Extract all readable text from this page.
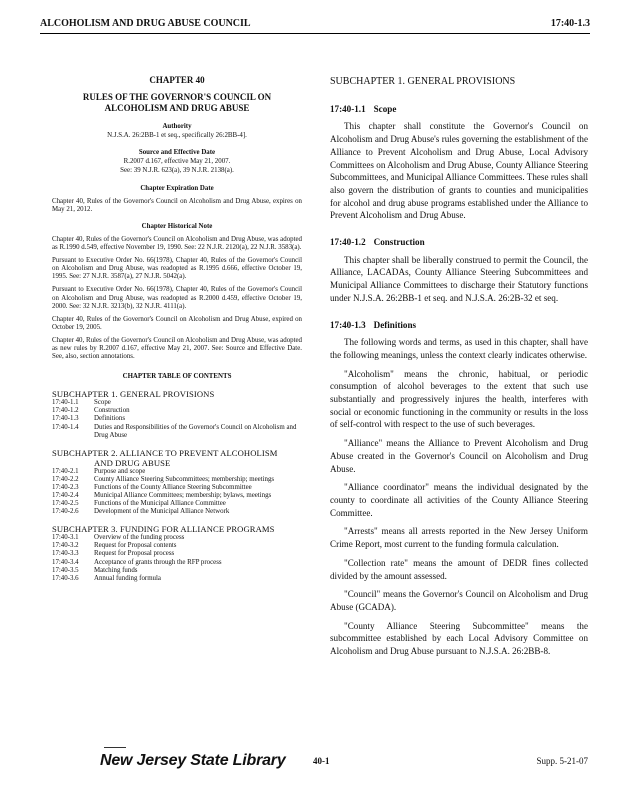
ALCOHOLISM AND DRUG ABUSE COUNCIL	17:40-1.3
CHAPTER 40
RULES OF THE GOVERNOR'S COUNCIL ON
ALCOHOLISM AND DRUG ABUSE
Authority
N.J.S.A. 26:2BB-1 et seq., specifically 26:2BB-4].
Source and Effective Date
R.2007 d.167, effective May 21, 2007.
See: 39 N.J.R. 623(a), 39 N.J.R. 2138(a).
Chapter Expiration Date
Chapter 40, Rules of the Governor's Council on Alcoholism and Drug Abuse, expires on May 21, 2012.
Chapter Historical Note
Chapter 40, Rules of the Governor's Council on Alcoholism and Drug Abuse, was adopted as R.1990 d.549, effective November 19, 1990. See: 22 N.J.R. 2120(a), 22 N.J.R. 3583(a).
Pursuant to Executive Order No. 66(1978), Chapter 40, Rules of the Governor's Council on Alcoholism and Drug Abuse, was readopted as R.1995 d.666, effective October 19, 1995. See: 27 N.J.R. 3587(a), 27 N.J.R. 5042(a).
Pursuant to Executive Order No. 66(1978), Chapter 40, Rules of the Governor's Council on Alcoholism and Drug Abuse, was readopted as R.2000 d.459, effective October 19, 2000. See: 32 N.J.R. 3213(b), 32 N.J.R. 4111(a).
Chapter 40, Rules of the Governor's Council on Alcoholism and Drug Abuse, expired on October 19, 2005.
Chapter 40, Rules of the Governor's Council on Alcoholism and Drug Abuse, was adopted as new rules by R.2007 d.167, effective May 21, 2007. See: Source and Effective Date. See, also, section annotations.
CHAPTER TABLE OF CONTENTS
SUBCHAPTER 1. GENERAL PROVISIONS
17:40-1.1	Scope
17:40-1.2	Construction
17:40-1.3	Definitions
17:40-1.4	Duties and Responsibilities of the Governor's Council on Alcoholism and Drug Abuse
SUBCHAPTER 2. ALLIANCE TO PREVENT ALCOHOLISM
AND DRUG ABUSE
17:40-2.1	Purpose and scope
17:40-2.2	County Alliance Steering Subcommittees; membership; meetings
17:40-2.3	Functions of the County Alliance Steering Subcommittee
17:40-2.4	Municipal Alliance Committees; membership; bylaws, meetings
17:40-2.5	Functions of the Municipal Alliance Committee
17:40-2.6	Development of the Municipal Alliance Network
SUBCHAPTER 3. FUNDING FOR ALLIANCE PROGRAMS
17:40-3.1	Overview of the funding process
17:40-3.2	Request for Proposal contents
17:40-3.3	Request for Proposal process
17:40-3.4	Acceptance of grants through the RFP process
17:40-3.5	Matching funds
17:40-3.6	Annual funding formula
SUBCHAPTER 1. GENERAL PROVISIONS
17:40-1.1 Scope
This chapter shall constitute the Governor's Council on Alcoholism and Drug Abuse's rules governing the establishment of the Alliance to Prevent Alcoholism and Drug Abuse, Local Advisory Committees on Alcoholism and Drug Abuse, County Alliance Steering Subcommittees, and Municipal Alliance Committees. These rules shall also govern the distribution of grants to counties and municipalities for alcohol and drug abuse programs established under the Alliance to Prevent Alcoholism and Drug Abuse.
17:40-1.2 Construction
This chapter shall be liberally construed to permit the Council, the Alliance, LACADAs, County Alliance Steering Subcommittees and Municipal Alliance Committees to discharge their Statutory functions under N.J.S.A. 26:2BB-1 et seq. and N.J.S.A. 26:2B-32 et seq.
17:40-1.3 Definitions
The following words and terms, as used in this chapter, shall have the following meanings, unless the context clearly indicates otherwise.
"Alcoholism" means the chronic, habitual, or periodic consumption of alcohol beverages to the extent that such use substantially and progressively injures the health, interferes with social or economic functioning in the community or results in the loss of self-control with respect to the use of such beverages.
"Alliance" means the Alliance to Prevent Alcoholism and Drug Abuse created in the Governor's Council on Alcoholism and Drug Abuse.
"Alliance coordinator" means the individual designated by the county to coordinate all activities of the County Alliance Steering Committee.
"Arrests" means all arrests reported in the New Jersey Uniform Crime Report, most current to the funding formula calculation.
"Collection rate" means the amount of DEDR fines collected divided by the amount assessed.
"Council" means the Governor's Council on Alcoholism and Drug Abuse (GCADA).
"County Alliance Steering Subcommittee" means the subcommittee established by each Local Advisory Committee on Alcoholism and Drug Abuse pursuant to N.J.S.A. 26:2BB-8.
New Jersey State Library	40-1	Supp. 5-21-07
